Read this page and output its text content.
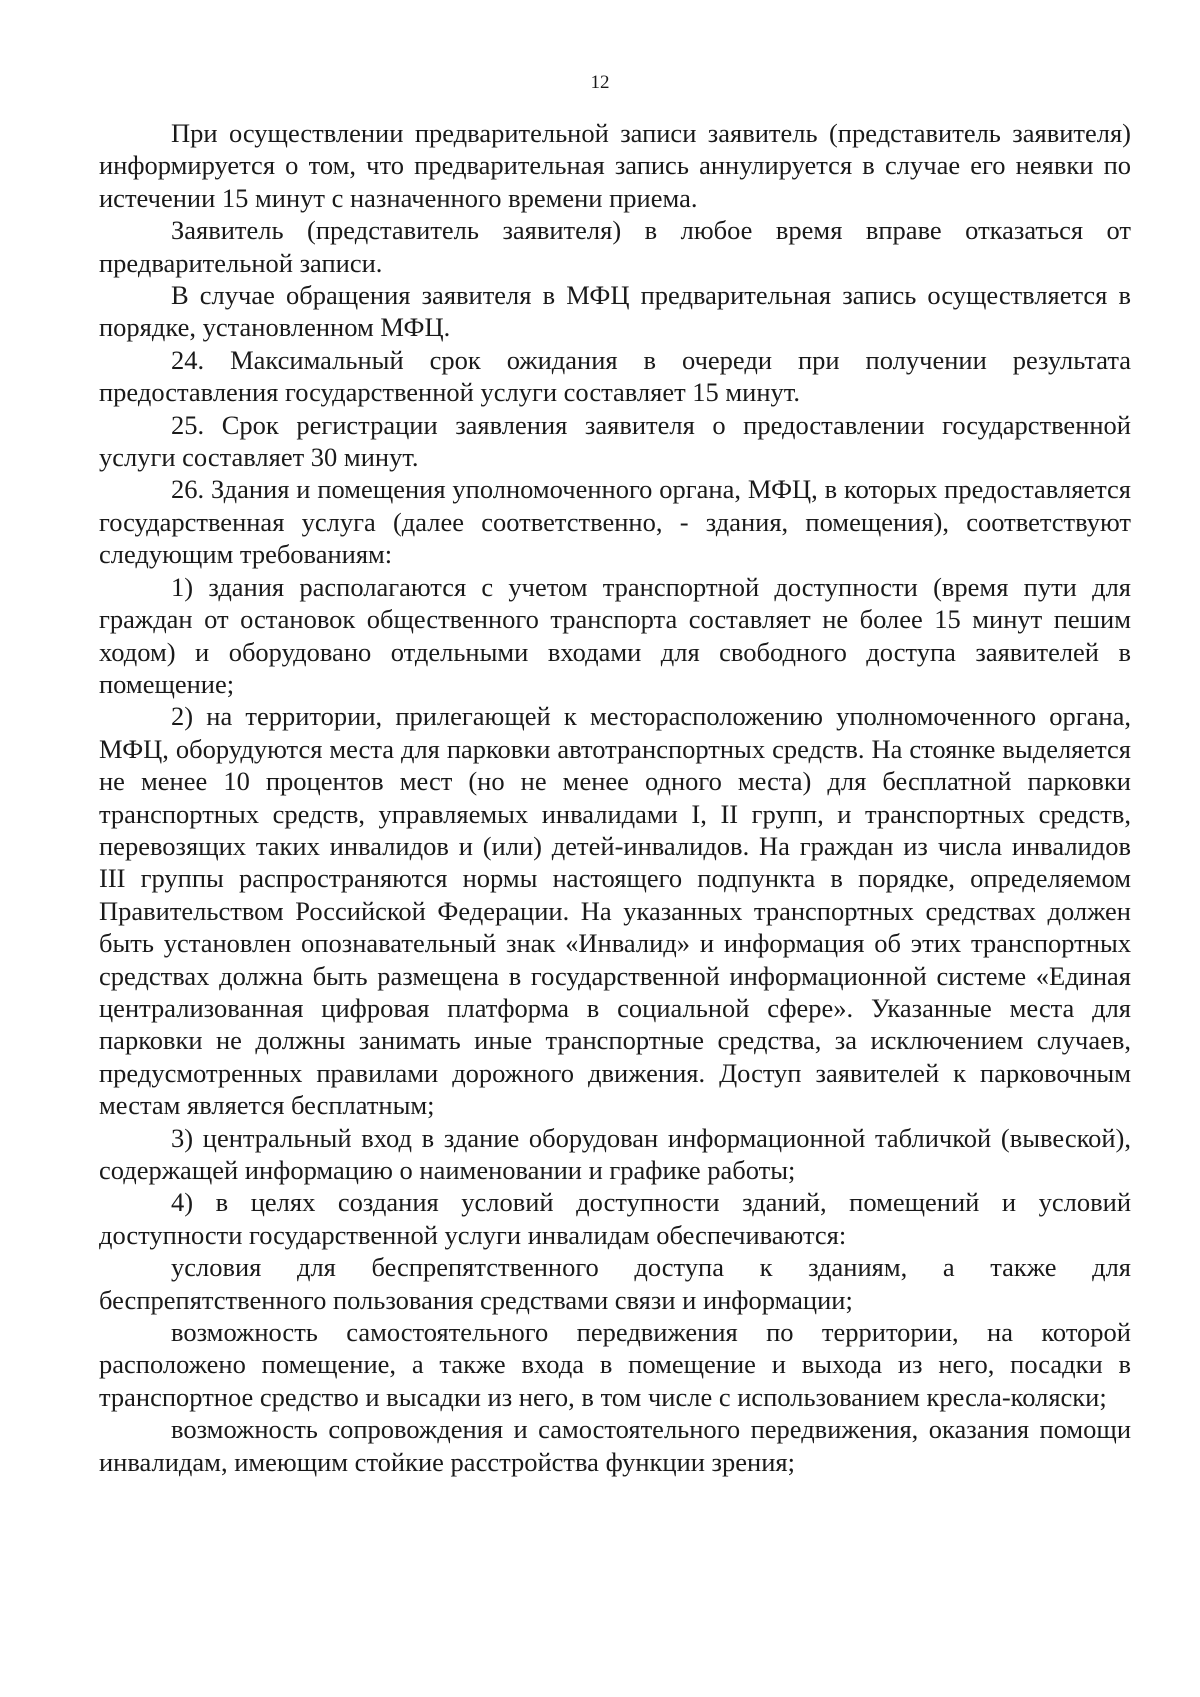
12

При осуществлении предварительной записи заявитель (представитель заявителя) информируется о том, что предварительная запись аннулируется в случае его неявки по истечении 15 минут с назначенного времени приема.

Заявитель (представитель заявителя) в любое время вправе отказаться от предварительной записи.

В случае обращения заявителя в МФЦ предварительная запись осуществляется в порядке, установленном МФЦ.

24. Максимальный срок ожидания в очереди при получении результата предоставления государственной услуги составляет 15 минут.

25. Срок регистрации заявления заявителя о предоставлении государственной услуги составляет 30 минут.

26. Здания и помещения уполномоченного органа, МФЦ, в которых предоставляется государственная услуга (далее соответственно, - здания, помещения), соответствуют следующим требованиям:

1) здания располагаются с учетом транспортной доступности (время пути для граждан от остановок общественного транспорта составляет не более 15 минут пешим ходом) и оборудовано отдельными входами для свободного доступа заявителей в помещение;

2) на территории, прилегающей к месторасположению уполномоченного органа, МФЦ, оборудуются места для парковки автотранспортных средств. На стоянке выделяется не менее 10 процентов мест (но не менее одного места) для бесплатной парковки транспортных средств, управляемых инвалидами I, II групп, и транспортных средств, перевозящих таких инвалидов и (или) детей-инвалидов. На граждан из числа инвалидов III группы распространяются нормы настоящего подпункта в порядке, определяемом Правительством Российской Федерации. На указанных транспортных средствах должен быть установлен опознавательный знак «Инвалид» и информация об этих транспортных средствах должна быть размещена в государственной информационной системе «Единая централизованная цифровая платформа в социальной сфере». Указанные места для парковки не должны занимать иные транспортные средства, за исключением случаев, предусмотренных правилами дорожного движения. Доступ заявителей к парковочным местам является бесплатным;

3) центральный вход в здание оборудован информационной табличкой (вывеской), содержащей информацию о наименовании и графике работы;

4) в целях создания условий доступности зданий, помещений и условий доступности государственной услуги инвалидам обеспечиваются:

условия для беспрепятственного доступа к зданиям, а также для беспрепятственного пользования средствами связи и информации;

возможность самостоятельного передвижения по территории, на которой расположено помещение, а также входа в помещение и выхода из него, посадки в транспортное средство и высадки из него, в том числе с использованием кресла-коляски;

возможность сопровождения и самостоятельного передвижения, оказания помощи инвалидам, имеющим стойкие расстройства функции зрения;
